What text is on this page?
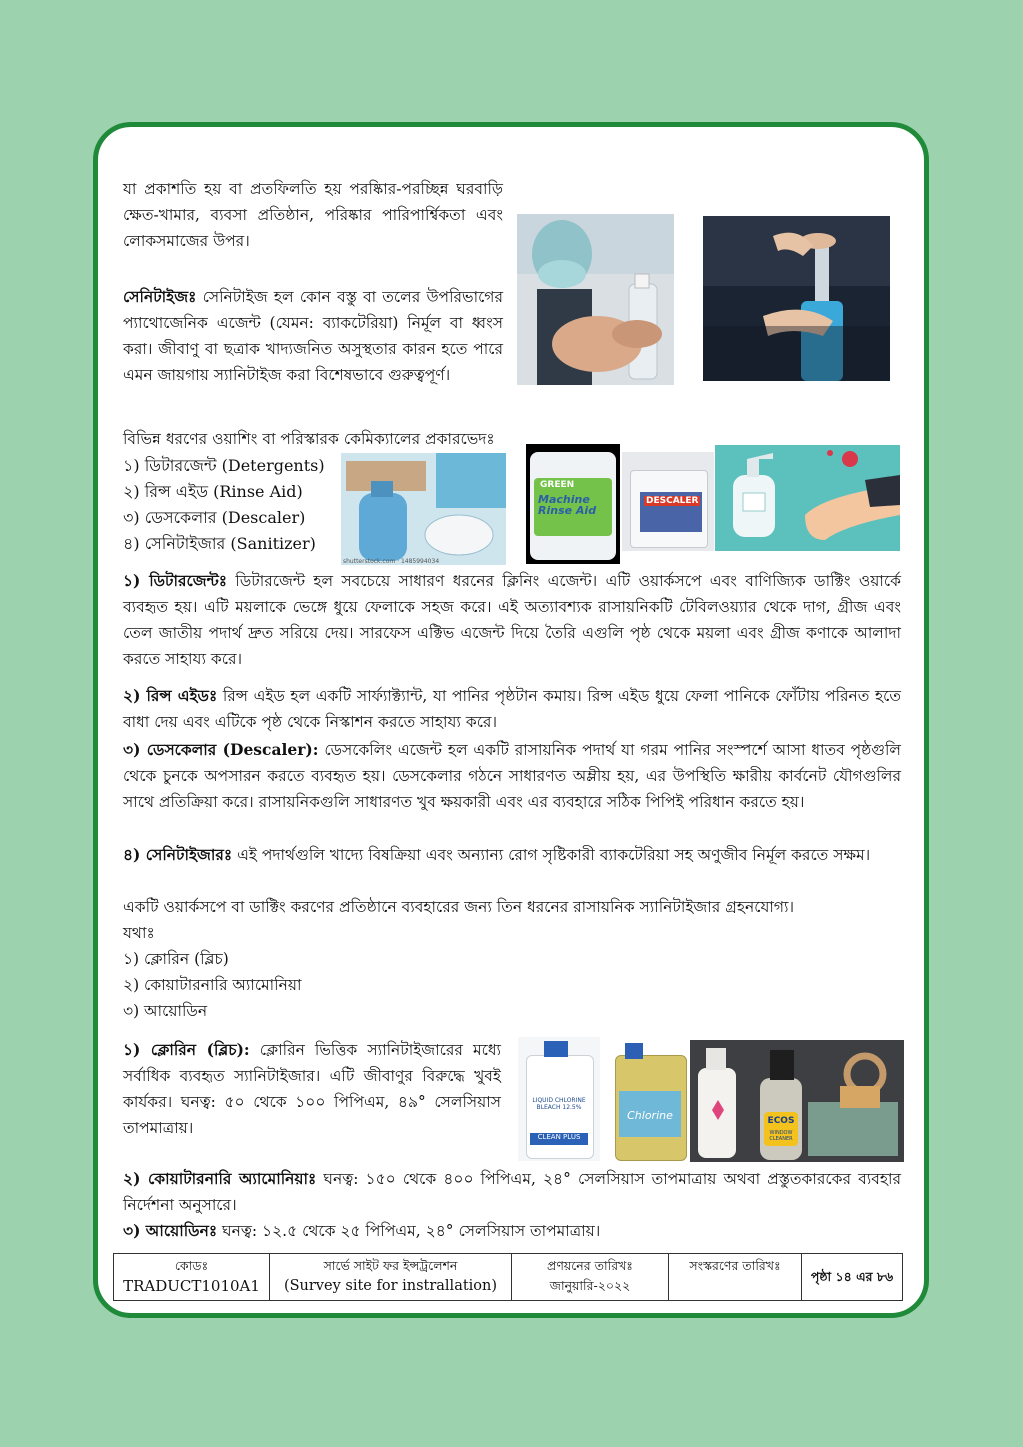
যা প্রকাশতি হয় বা প্রতফিলতি হয় পরষ্কিার-পরচ্ছিন্ন ঘরবাড়ি ক্ষেত-খামার, ব্যবসা প্রতিষ্ঠান, পরিষ্কার পারিপার্শ্বিকতা এবং লোকসমাজের উপর।
সেনিটাইজঃ সেনিটাইজ হল কোন বস্তু বা তলের উপরিভাগের প্যাথোজেনিক এজেন্ট (যেমন: ব্যাকটেরিয়া) নির্মূল বা ধ্বংস করা। জীবাণু বা ছত্রাক খাদ্যজনিত অসুস্থতার কারন হতে পারে এমন জায়গায় স্যানিটাইজ করা বিশেষভাবে গুরুত্বপূর্ণ।
বিভিন্ন ধরণের ওয়াশিং বা পরিস্কারক কেমিক্যালের প্রকারভেদঃ
১) ডিটারজেন্ট (Detergents)
২) রিন্স এইড (Rinse Aid)
৩) ডেসকেলার (Descaler)
৪) সেনিটাইজার (Sanitizer)
shutterstock.com · 1485994034
GREEN
Machine Rinse Aid
DESCALER
১) ডিটারজেন্টঃ ডিটারজেন্ট হল সবচেয়ে সাধারণ ধরনের ক্লিনিং এজেন্ট। এটি ওয়ার্কসপে এবং বাণিজ্যিক ডাক্টিং ওয়ার্কে ব্যবহৃত হয়। এটি ময়লাকে ভেঙ্গে ধুয়ে ফেলাকে সহজ করে। এই অত্যাবশ্যক রাসায়নিকটি টেবিলওয়্যার থেকে দাগ, গ্রীজ এবং তেল জাতীয় পদার্থ দ্রুত সরিয়ে দেয়। সারফেস এক্টিভ এজেন্ট দিয়ে তৈরি এগুলি পৃষ্ঠ থেকে ময়লা এবং গ্রীজ কণাকে আলাদা করতে সাহায্য করে।
২) রিন্স এইডঃ রিন্স এইড হল একটি সার্ফ্যাক্ট্যান্ট, যা পানির পৃষ্ঠটান কমায়। রিন্স এইড ধুয়ে ফেলা পানিকে ফোঁটায় পরিনত হতে বাধা দেয় এবং এটিকে পৃষ্ঠ থেকে নিস্কাশন করতে সাহায্য করে।
৩) ডেসকেলার (Descaler): ডেসকেলিং এজেন্ট হল একটি রাসায়নিক পদার্থ যা গরম পানির সংস্পর্শে আসা ধাতব পৃষ্ঠগুলি থেকে চুনকে অপসারন করতে ব্যবহৃত হয়। ডেসকেলার গঠনে সাধারণত অম্লীয় হয়, এর উপস্থিতি ক্ষারীয় কার্বনেট যৌগগুলির সাথে প্রতিক্রিয়া করে। রাসায়নিকগুলি সাধারণত খুব ক্ষয়কারী এবং এর ব্যবহারে সঠিক পিপিই পরিধান করতে হয়।
৪) সেনিটাইজারঃ এই পদার্থগুলি খাদ্যে বিষক্রিয়া এবং অন্যান্য রোগ সৃষ্টিকারী ব্যাকটেরিয়া সহ অণুজীব নির্মূল করতে সক্ষম।
একটি ওয়ার্কসপে বা ডাক্টিং করণের প্রতিষ্ঠানে ব্যবহারের জন্য তিন ধরনের রাসায়নিক স্যানিটাইজার গ্রহনযোগ্য।
যথাঃ
১) ক্লোরিন (ব্লিচ)
২) কোয়াটারনারি অ্যামোনিয়া
৩) আয়োডিন
১) ক্লোরিন (ব্লিচ): ক্লোরিন ভিত্তিক স্যানিটাইজারের মধ্যে সর্বাধিক ব্যবহৃত স্যানিটাইজার। এটি জীবাণুর বিরুদ্ধে খুবই কার্যকর। ঘনত্ব: ৫০ থেকে ১০০ পিপিএম, ৪৯° সেলসিয়াস তাপমাত্রায়।
LIQUID CHLORINE BLEACH 12.5%
CLEAN PLUS
Chlorine	ECOS
WINDOW CLEANER
২) কোয়াটারনারি অ্যামোনিয়াঃ ঘনত্ব: ১৫০ থেকে ৪০০ পিপিএম, ২৪° সেলসিয়াস তাপমাত্রায় অথবা প্রস্তুতকারকের ব্যবহার নির্দেশনা অনুসারে।
৩) আয়োডিনঃ ঘনত্ব: ১২.৫ থেকে ২৫ পিপিএম, ২৪° সেলসিয়াস তাপমাত্রায়।
কোডঃ
TRADUCT1010A1

সার্ভে সাইট ফর ইন্সট্রলেশন
(Survey site for instrallation)

প্রণয়নের তারিখঃ
জানুয়ারি-২০২২

সংস্করণের তারিখঃ

পৃষ্ঠা ১৪ এর ৮৬
